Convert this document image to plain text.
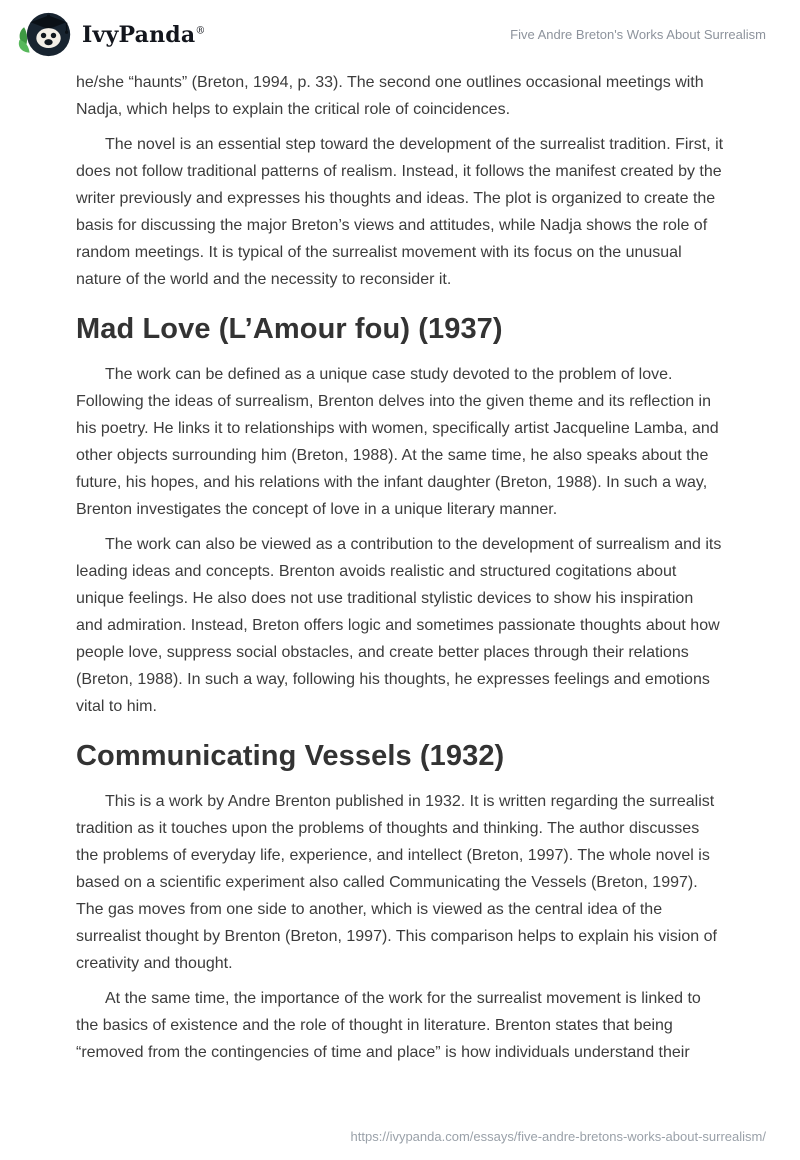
IvyPanda®	Five Andre Breton's Works About Surrealism

he/she “haunts” (Breton, 1994, p. 33). The second one outlines occasional meetings with Nadja, which helps to explain the critical role of coincidences.

The novel is an essential step toward the development of the surrealist tradition. First, it does not follow traditional patterns of realism. Instead, it follows the manifest created by the writer previously and expresses his thoughts and ideas. The plot is organized to create the basis for discussing the major Breton’s views and attitudes, while Nadja shows the role of random meetings. It is typical of the surrealist movement with its focus on the unusual nature of the world and the necessity to reconsider it.

Mad Love (L’Amour fou) (1937)

The work can be defined as a unique case study devoted to the problem of love. Following the ideas of surrealism, Brenton delves into the given theme and its reflection in his poetry. He links it to relationships with women, specifically artist Jacqueline Lamba, and other objects surrounding him (Breton, 1988). At the same time, he also speaks about the future, his hopes, and his relations with the infant daughter (Breton, 1988). In such a way, Brenton investigates the concept of love in a unique literary manner.

The work can also be viewed as a contribution to the development of surrealism and its leading ideas and concepts. Brenton avoids realistic and structured cogitations about unique feelings. He also does not use traditional stylistic devices to show his inspiration and admiration. Instead, Breton offers logic and sometimes passionate thoughts about how people love, suppress social obstacles, and create better places through their relations (Breton, 1988). In such a way, following his thoughts, he expresses feelings and emotions vital to him.

Communicating Vessels (1932)

This is a work by Andre Brenton published in 1932. It is written regarding the surrealist tradition as it touches upon the problems of thoughts and thinking. The author discusses the problems of everyday life, experience, and intellect (Breton, 1997). The whole novel is based on a scientific experiment also called Communicating the Vessels (Breton, 1997). The gas moves from one side to another, which is viewed as the central idea of the surrealist thought by Brenton (Breton, 1997). This comparison helps to explain his vision of creativity and thought.

At the same time, the importance of the work for the surrealist movement is linked to the basics of existence and the role of thought in literature. Brenton states that being “removed from the contingencies of time and place” is how individuals understand their

https://ivypanda.com/essays/five-andre-bretons-works-about-surrealism/
